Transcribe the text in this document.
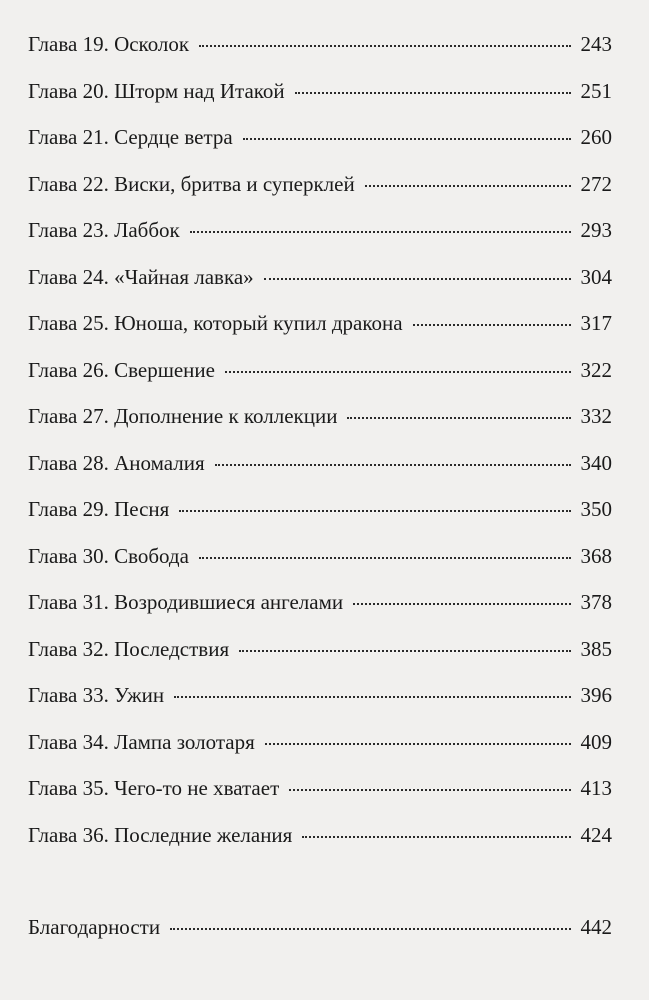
Глава 19. Осколок	243
Глава 20. Шторм над Итакой	251
Глава 21. Сердце ветра	260
Глава 22. Виски, бритва и суперклей	272
Глава 23. Лаббок	293
Глава 24. «Чайная лавка»	304
Глава 25. Юноша, который купил дракона	317
Глава 26. Свершение	322
Глава 27. Дополнение к коллекции	332
Глава 28. Аномалия	340
Глава 29. Песня	350
Глава 30. Свобода	368
Глава 31. Возродившиеся ангелами	378
Глава 32. Последствия	385
Глава 33. Ужин	396
Глава 34. Лампа золотаря	409
Глава 35. Чего-то не хватает	413
Глава 36. Последние желания	424
Благодарности	442
